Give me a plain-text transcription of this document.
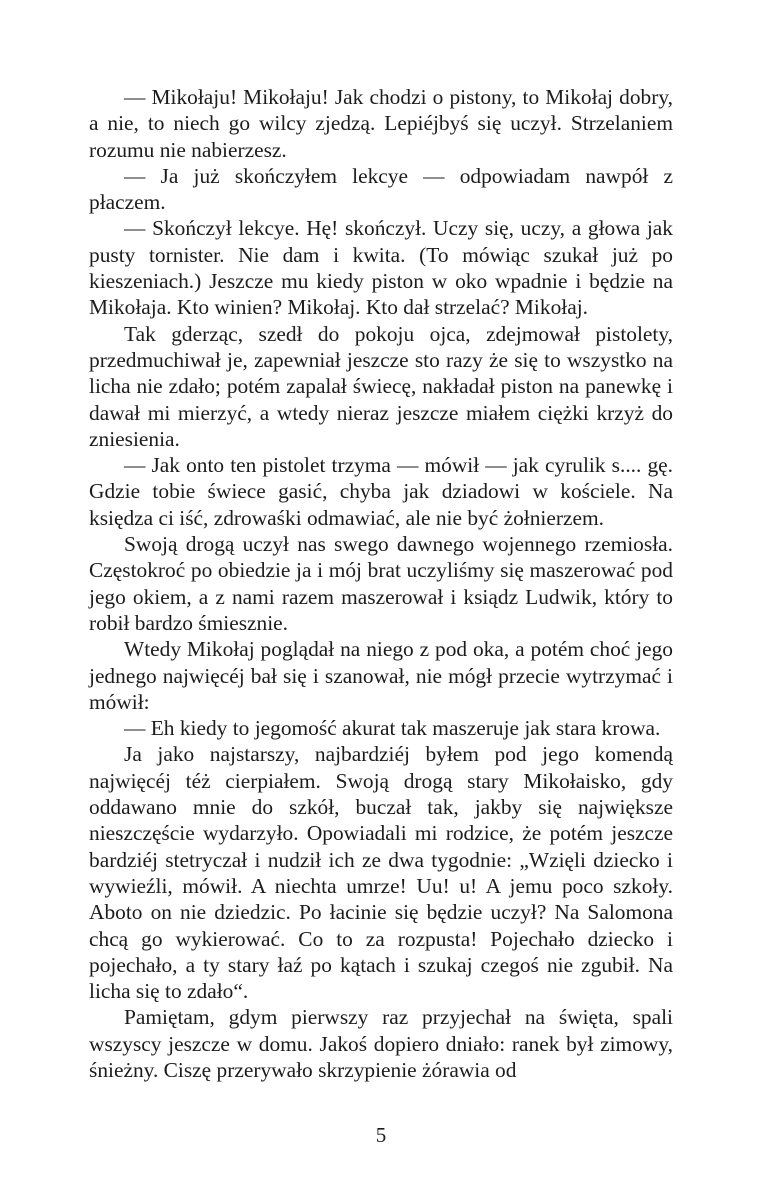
— Mikołaju! Mikołaju! Jak chodzi o pistony, to Mikołaj dobry, a nie, to niech go wilcy zjedzą. Lepiéjbyś się uczył. Strzelaniem rozumu nie nabierzesz.

— Ja już skończyłem lekcye — odpowiadam nawpół z płaczem.

— Skończył lekcye. Hę! skończył. Uczy się, uczy, a głowa jak pusty tornister. Nie dam i kwita. (To mówiąc szukał już po kieszeniach.) Jeszcze mu kiedy piston w oko wpadnie i będzie na Mikołaja. Kto winien? Mikołaj. Kto dał strzelać? Mikołaj.

Tak gderząc, szedł do pokoju ojca, zdejmował pistolety, przedmuchiwał je, zapewniał jeszcze sto razy że się to wszystko na licha nie zdało; potém zapalał świecę, nakładał piston na panewkę i dawał mi mierzyć, a wtedy nieraz jeszcze miałem ciężki krzyż do zniesienia.

— Jak onto ten pistolet trzyma — mówił — jak cyrulik s.... gę. Gdzie tobie świece gasić, chyba jak dziadowi w kościele. Na księdza ci iść, zdrowaśki odmawiać, ale nie być żołnierzem.

Swoją drogą uczył nas swego dawnego wojennego rzemiosła. Częstokroć po obiedzie ja i mój brat uczyliśmy się maszerować pod jego okiem, a z nami razem maszerował i ksiądz Ludwik, który to robił bardzo śmiesznie.

Wtedy Mikołaj poglądał na niego z pod oka, a potém choć jego jednego najwięcéj bał się i szanował, nie mógł przecie wytrzymać i mówił:

— Eh kiedy to jegomość akurat tak maszeruje jak stara krowa.

Ja jako najstarszy, najbardziéj byłem pod jego komendą najwięcéj téż cierpiałem. Swoją drogą stary Mikołaisko, gdy oddawano mnie do szkół, buczał tak, jakby się największe nieszczęście wydarzyło. Opowiadali mi rodzice, że potém jeszcze bardziéj stetryczał i nudził ich ze dwa tygodnie: „Wzięli dziecko i wywieźli, mówił. A niechta umrze! Uu! u! A jemu poco szkoły. Aboto on nie dziedzic. Po łacinie się będzie uczył? Na Salomona chcą go wykierować. Co to za rozpusta! Pojechało dziecko i pojechało, a ty stary łaź po kątach i szukaj czegoś nie zgubił. Na licha się to zdało“.

Pamiętam, gdym pierwszy raz przyjechał na święta, spali wszyscy jeszcze w domu. Jakoś dopiero dniało: ranek był zimowy, śnieżny. Ciszę przerywało skrzypienie żórawia od

5
